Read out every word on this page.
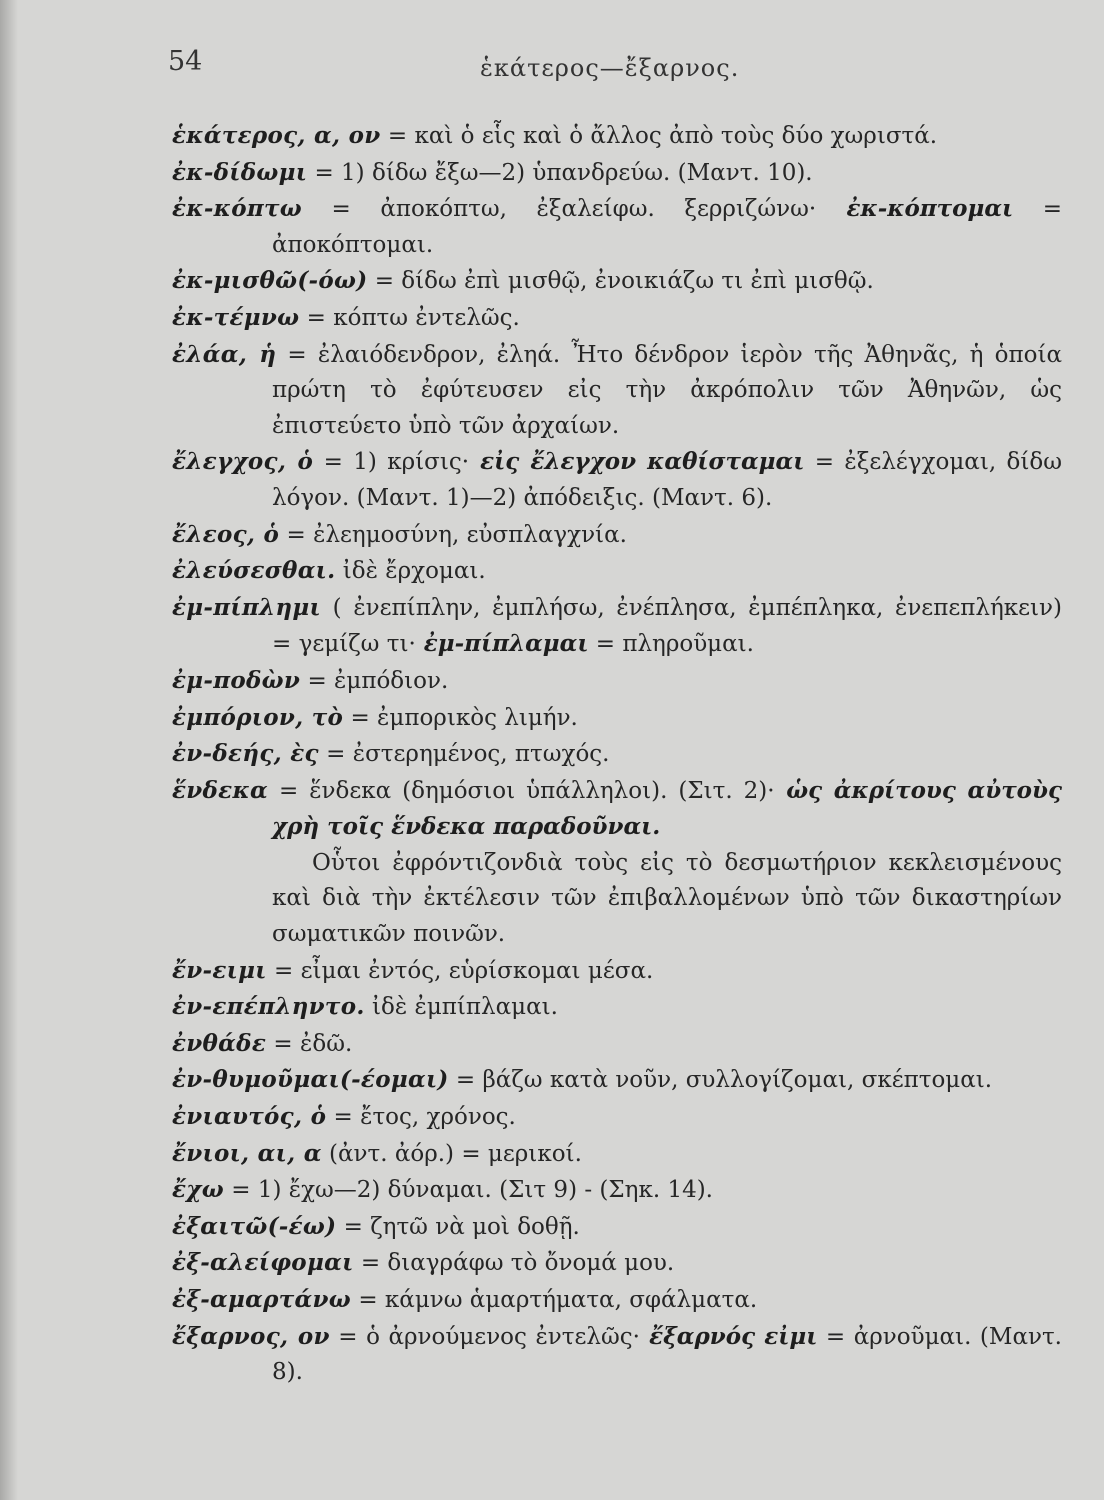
54	ἑκάτερος—ἔξαρνος.
ἑκάτερος, α, ον = καὶ ὁ εἷς καὶ ὁ ἄλλος ἀπὸ τοὺς δύο χωριστά.
ἐκ-δίδωμι = 1) δίδω ἔξω—2) ὑπανδρεύω. (Μαντ. 10).
ἐκ-κόπτω = ἀποκόπτω, ἐξαλείφω. ξερριζώνω· ἐκ-κόπτομαι = ἀποκόπτομαι.
ἐκ-μισθῶ(-όω) = δίδω ἐπὶ μισθῷ, ἐνοικιάζω τι ἐπὶ μισθῷ.
ἐκ-τέμνω = κόπτω ἐντελῶς.
ἐλάα, ἡ = ἐλαιόδενδρον, ἐληά. Ἦτο δένδρον ἱερὸν τῆς Ἀθηνᾶς, ἡ ὁποία πρώτη τὸ ἐφύτευσεν εἰς τὴν ἀκρόπολιν τῶν Ἀθηνῶν, ὡς ἐπιστεύετο ὑπὸ τῶν ἀρχαίων.
ἔλεγχος, ὁ = 1) κρίσις· εἰς ἔλεγχον καθίσταμαι = ἐξελέγχομαι, δίδω λόγον. (Μαντ. 1)—2) ἀπόδειξις. (Μαντ. 6).
ἔλεος, ὁ = ἐλεημοσύνη, εὐσπλαγχνία.
ἐλεύσεσθαι. ἰδὲ ἔρχομαι.
ἐμ-πίπλημι ( ἐνεπίπλην, ἐμπλήσω, ἐνέπλησα, ἐμπέπληκα, ἐνεπεπλήκειν) = γεμίζω τι· ἐμ-πίπλαμαι = πληροῦμαι.
ἐμ-ποδὼν = ἐμπόδιον.
ἐμπόριον, τὸ = ἐμπορικὸς λιμήν.
ἐν-δεής, ὲς = ἐστερημένος, πτωχός.
ἕνδεκα = ἕνδεκα (δημόσιοι ὑπάλληλοι). (Σιτ. 2)· ὡς ἀκρίτους αὐτοὺς χρὴ τοῖς ἕνδεκα παραδοῦναι.
Οὗτοι ἐφρόντιζονδιὰ τοὺς εἰς τὸ δεσμωτήριον κεκλεισμένους καὶ διὰ τὴν ἐκτέλεσιν τῶν ἐπιβαλλομένων ὑπὸ τῶν δικαστηρίων σωματικῶν ποινῶν.
ἔν-ειμι = εἶμαι ἐντός, εὑρίσκομαι μέσα.
ἐν-επέπληντο. ἰδὲ ἐμπίπλαμαι.
ἐνθάδε = ἐδῶ.
ἐν-θυμοῦμαι(-έομαι) = βάζω κατὰ νοῦν, συλλογίζομαι, σκέπτομαι.
ἐνιαυτός, ὁ = ἔτος, χρόνος.
ἔνιοι, αι, α (ἀντ. ἀόρ.) = μερικοί.
ἔχω = 1) ἔχω—2) δύναμαι. (Σιτ 9) - (Σηκ. 14).
ἐξαιτῶ(-έω) = ζητῶ νὰ μοὶ δοθῇ.
ἐξ-αλείφομαι = διαγράφω τὸ ὄνομά μου.
ἐξ-αμαρτάνω = κάμνω ἁμαρτήματα, σφάλματα.
ἔξαρνος, ον = ὁ ἀρνούμενος ἐντελῶς· ἔξαρνός εἰμι = ἀρνοῦμαι. (Μαντ. 8).
